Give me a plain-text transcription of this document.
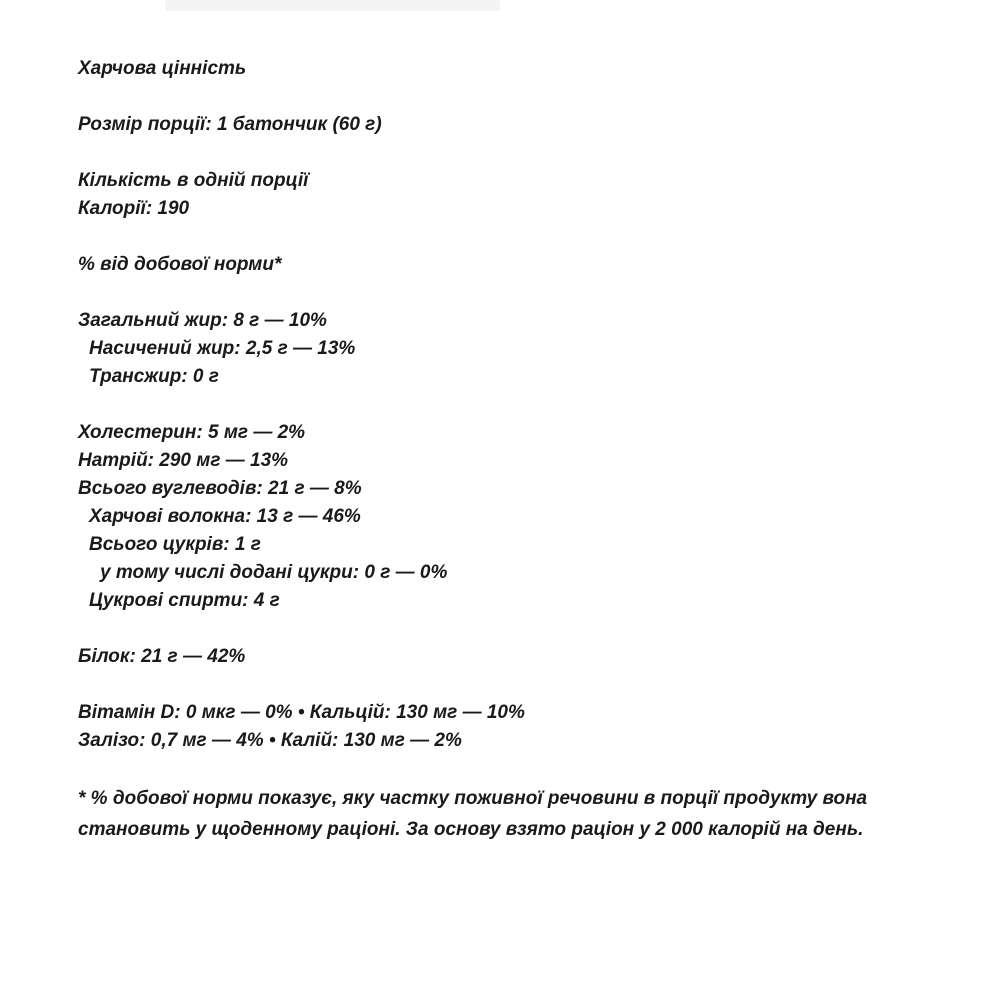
Харчова цінність
Розмір порції: 1 батончик (60 г)
Кількість в одній порції
Калорії: 190
% від добової норми*
Загальний жир: 8 г — 10%
Насичений жир: 2,5 г — 13%
Трансжир: 0 г
Холестерин: 5 мг — 2%
Натрій: 290 мг — 13%
Всього вуглеводів: 21 г — 8%
Харчові волокна: 13 г — 46%
Всього цукрів: 1 г
у тому числі додані цукри: 0 г — 0%
Цукрові спирти: 4 г
Білок: 21 г — 42%
Вітамін D: 0 мкг — 0% • Кальцій: 130 мг — 10%
Залізо: 0,7 мг — 4% • Калій: 130 мг — 2%
* % добової норми показує, яку частку поживної речовини в порції продукту вона становить у щоденному раціоні. За основу взято раціон у 2 000 калорій на день.
